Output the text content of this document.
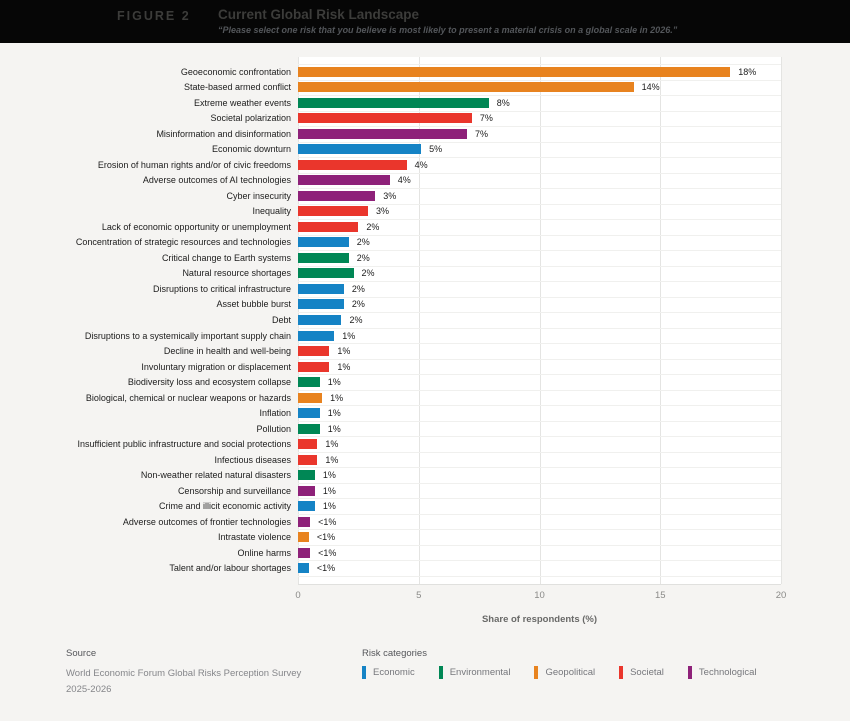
FIGURE 2 Current Global Risk Landscape
“Please select one risk that you believe is most likely to present a material crisis on a global scale in 2026.”
Geoeconomic confrontation	18%
State-based armed conflict	14%
Extreme weather events	8%
Societal polarization	7%
Misinformation and disinformation	7%
Economic downturn	5%
Erosion of human rights and/or of civic freedoms	4%
Adverse outcomes of AI technologies	4%
Cyber insecurity	3%
Inequality	3%
Lack of economic opportunity or unemployment	2%
Concentration of strategic resources and technologies	2%
Critical change to Earth systems	2%
Natural resource shortages	2%
Disruptions to critical infrastructure	2%
Asset bubble burst	2%
Debt	2%
Disruptions to a systemically important supply chain	1%
Decline in health and well-being	1%
Involuntary migration or displacement	1%
Biodiversity loss and ecosystem collapse	1%
Biological, chemical or nuclear weapons or hazards	1%
Inflation	1%
Pollution	1%
Insufficient public infrastructure and social protections	1%
Infectious diseases	1%
Non-weather related natural disasters	1%
Censorship and surveillance	1%
Crime and illicit economic activity	1%
Adverse outcomes of frontier technologies	<1%
Intrastate violence	<1%
Online harms	<1%
Talent and/or labour shortages	<1%
0	5	10	15	20
Share of respondents (%)
Source
World Economic Forum Global Risks Perception Survey
2025-2026
Risk categories
Economic	Environmental	Geopolitical	Societal	Technological
